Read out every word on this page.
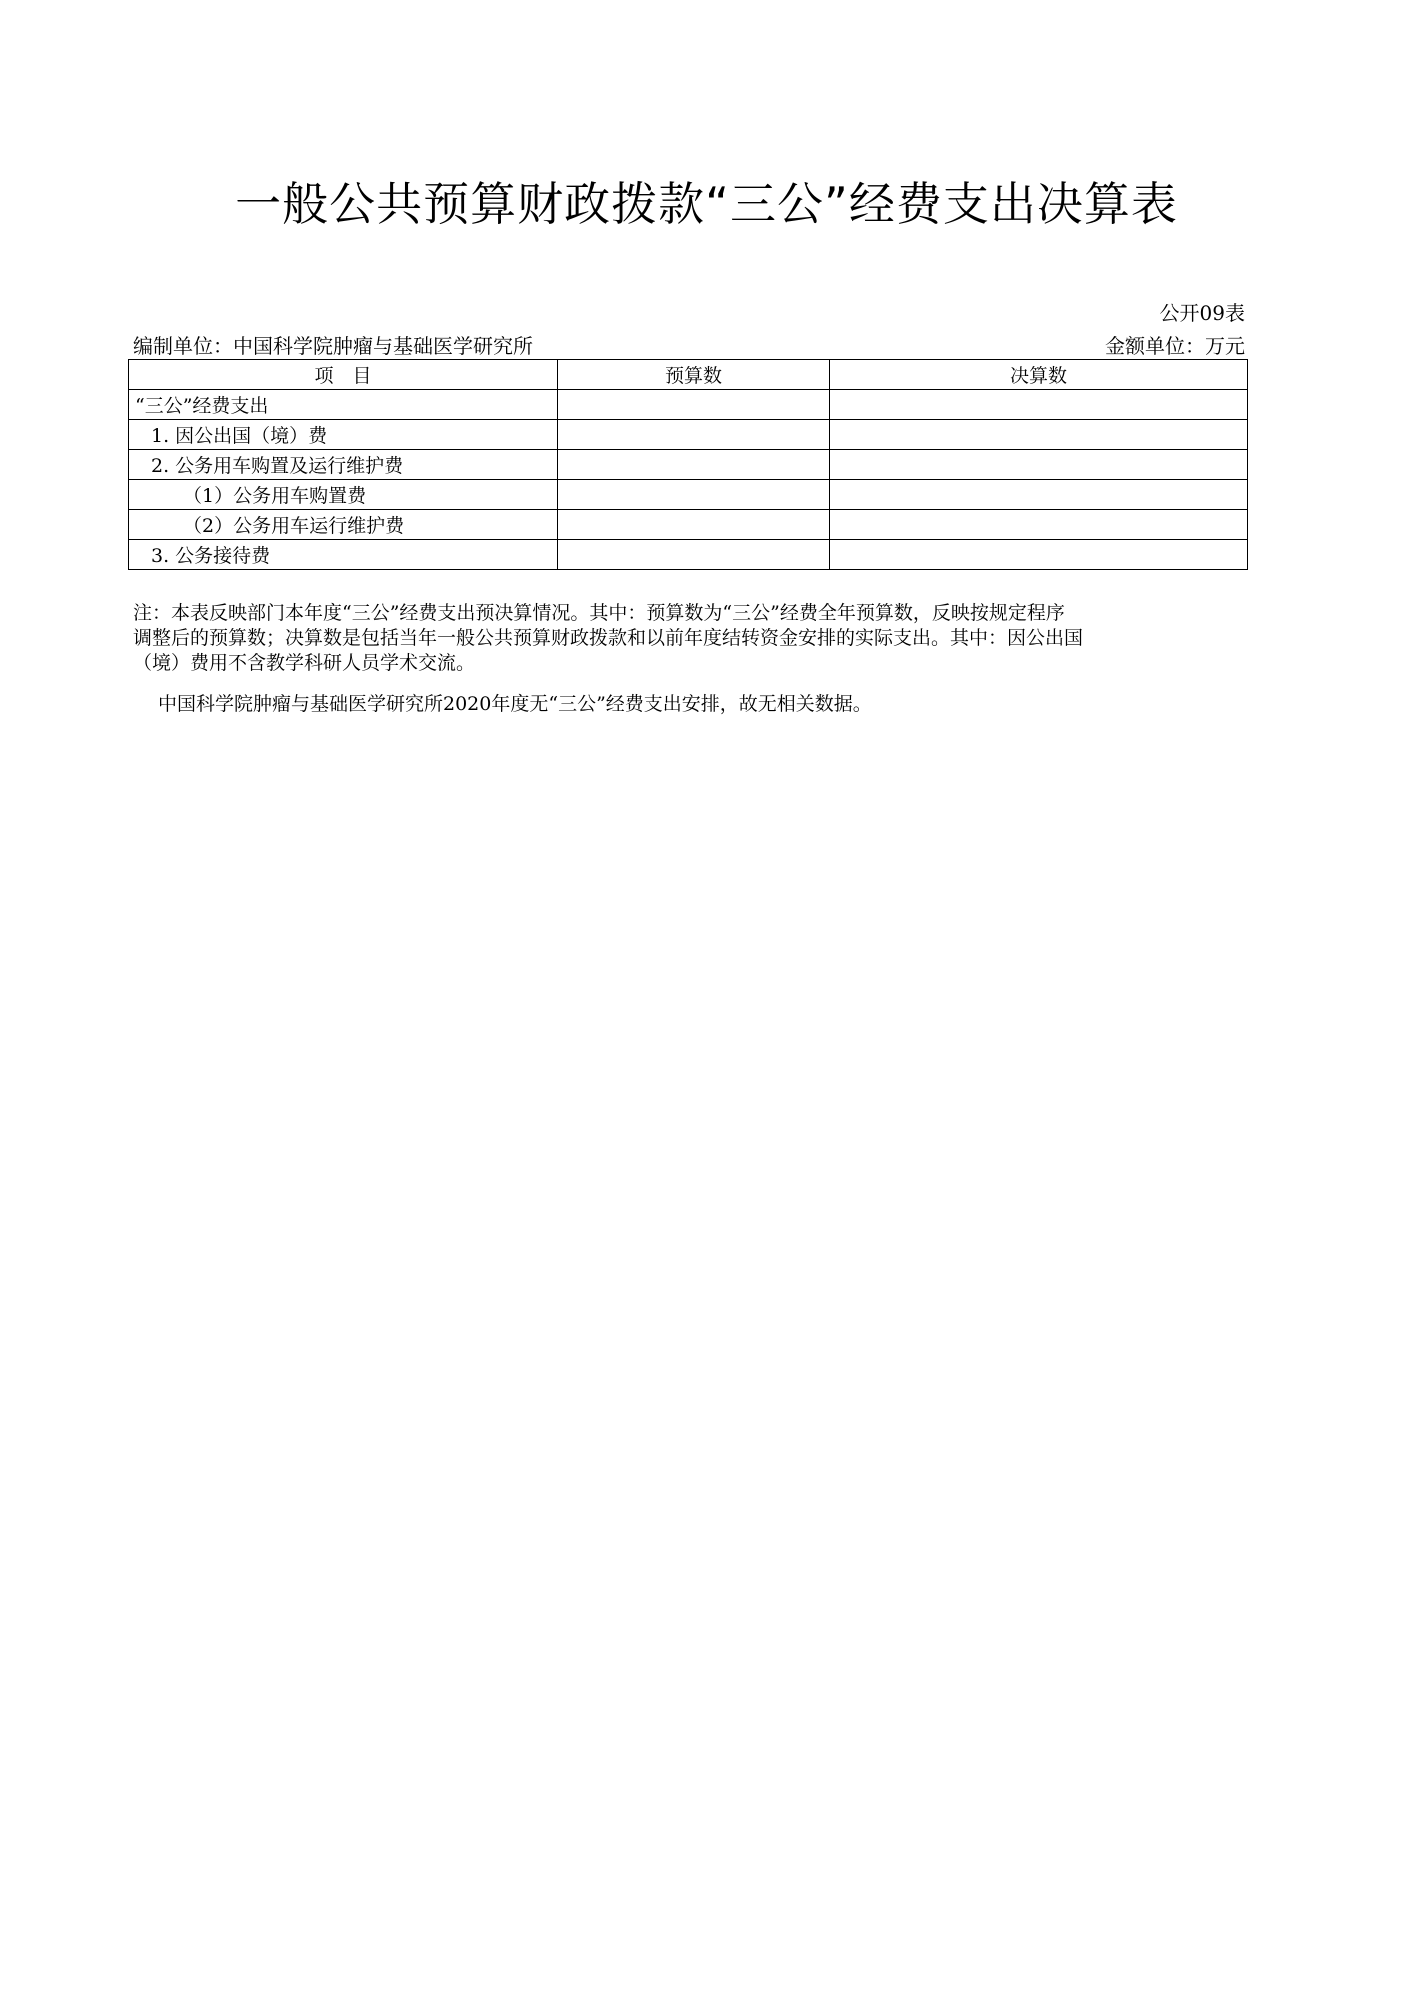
一般公共预算财政拨款“三公”经费支出决算表
公开09表
编制单位：中国科学院肿瘤与基础医学研究所	金额单位：万元
项　目	预算数	决算数
“三公”经费支出		
1. 因公出国（境）费		
2. 公务用车购置及运行维护费		
（1）公务用车购置费		
（2）公务用车运行维护费		
3. 公务接待费		

注：本表反映部门本年度“三公”经费支出预决算情况。其中：预算数为“三公”经费全年预算数，反映按规定程序

调整后的预算数；决算数是包括当年一般公共预算财政拨款和以前年度结转资金安排的实际支出。其中：因公出国

（境）费用不含教学科研人员学术交流。

中国科学院肿瘤与基础医学研究所2020年度无“三公”经费支出安排，故无相关数据。
